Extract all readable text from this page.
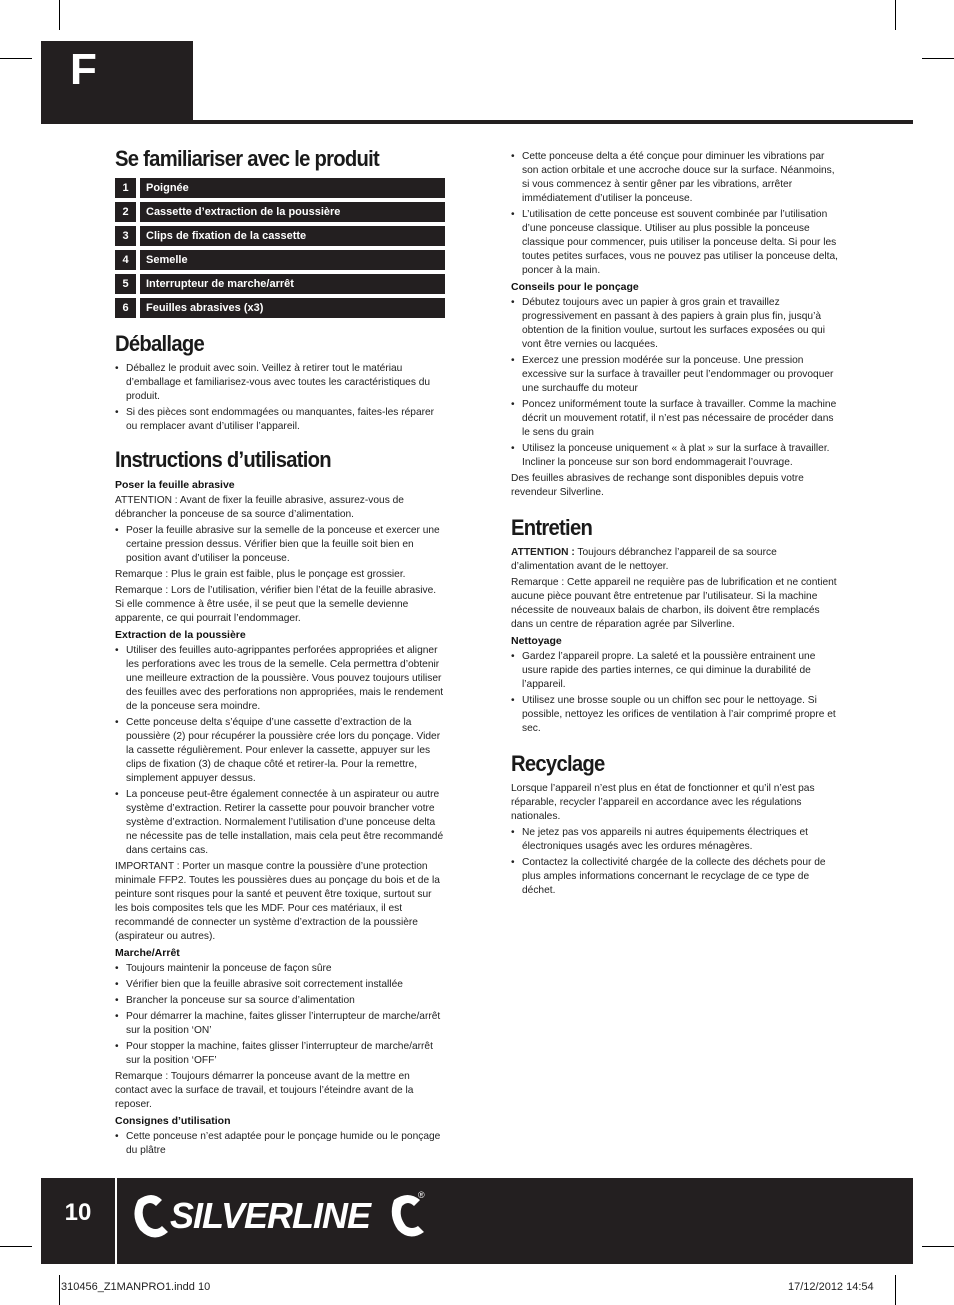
F
Se familiariser avec le produit
1	Poignée
2	Cassette d’extraction de la poussière
3	Clips de fixation de la cassette
4	Semelle
5	Interrupteur de marche/arrêt
6	Feuilles abrasives (x3)
Déballage
• Déballez le produit avec soin. Veillez à retirer tout le matériau d’emballage et familiarisez-vous avec toutes les caractéristiques du produit.
• Si des pièces sont endommagées ou manquantes, faites-les réparer ou remplacer avant d’utiliser l’appareil.
Instructions d’utilisation
Poser la feuille abrasive

ATTENTION : Avant de fixer la feuille abrasive, assurez-vous de débrancher la ponceuse de sa source d’alimentation.

• Poser la feuille abrasive sur la semelle de la ponceuse et exercer une certaine pression dessus. Vérifier bien que la feuille soit bien en position avant d’utiliser la ponceuse.

Remarque : Plus le grain est faible, plus le ponçage est grossier.

Remarque : Lors de l’utilisation, vérifier bien l’état de la feuille abrasive. Si elle commence à être usée, il se peut que la semelle devienne apparente, ce qui pourrait l’endommager.

Extraction de la poussière
• Utiliser des feuilles auto-agrippantes perforées appropriées et aligner les perforations avec les trous de la semelle. Cela permettra d’obtenir une meilleure extraction de la poussière. Vous pouvez toujours utiliser des feuilles avec des perforations non appropriées, mais le rendement de la ponceuse sera moindre.
• Cette ponceuse delta s’équipe d’une cassette d’extraction de la poussière (2) pour récupérer la poussière crée lors du ponçage. Vider la cassette régulièrement. Pour enlever la cassette, appuyer sur les clips de fixation (3) de chaque côté et retirer-la. Pour la remettre, simplement appuyer dessus.
• La ponceuse peut-être également connectée à un aspirateur ou autre système d’extraction. Retirer la cassette pour pouvoir brancher votre système d’extraction. Normalement l’utilisation d’une ponceuse delta ne nécessite pas de telle installation, mais cela peut être recommandé dans certains cas.

IMPORTANT : Porter un masque contre la poussière d’une protection minimale FFP2. Toutes les poussières dues au ponçage du bois et de la peinture sont risques pour la santé et peuvent être toxique, surtout sur les bois composites tels que les MDF. Pour ces matériaux, il est recommandé de connecter un système d’extraction de la poussière (aspirateur ou autres).

Marche/Arrêt
• Toujours maintenir la ponceuse de façon sûre
• Vérifier bien que la feuille abrasive soit correctement installée
• Brancher la ponceuse sur sa source d’alimentation
• Pour démarrer la machine, faites glisser l’interrupteur de marche/arrêt sur la position ‘ON’
• Pour stopper la machine, faites glisser l’interrupteur de marche/arrêt sur la position ‘OFF’

Remarque : Toujours démarrer la ponceuse avant de la mettre en contact avec la surface de travail, et toujours l’éteindre avant de la reposer.

Consignes d’utilisation
• Cette ponceuse n’est adaptée pour le ponçage humide ou le ponçage du plâtre
• Cette ponceuse delta a été conçue pour diminuer les vibrations par son action orbitale et une accroche douce sur la surface. Néanmoins, si vous commencez à sentir gêner par les vibrations, arrêter immédiatement d’utiliser la ponceuse.
• L’utilisation de cette ponceuse est souvent combinée par l’utilisation d’une ponceuse classique. Utiliser au plus possible la ponceuse classique pour commencer, puis utiliser la ponceuse delta. Si pour les toutes petites surfaces, vous ne pouvez pas utiliser la ponceuse delta, poncer à la main.
Conseils pour le ponçage
• Débutez toujours avec un papier à gros grain et travaillez progressivement en passant à des papiers à grain plus fin, jusqu’à obtention de la finition voulue, surtout les surfaces exposées ou qui vont être vernies ou lacquées.
• Exercez une pression modérée sur la ponceuse. Une pression excessive sur la surface à travailler peut l’endommager ou provoquer une surchauffe du moteur
• Poncez uniformément toute la surface à travailler. Comme la machine décrit un mouvement rotatif, il n’est pas nécessaire de procéder dans le sens du grain
• Utilisez la ponceuse uniquement « à plat » sur la surface à travailler. Incliner la ponceuse sur son bord endommagerait l’ouvrage.

Des feuilles abrasives de rechange sont disponibles depuis votre revendeur Silverline.

Entretien

ATTENTION : Toujours débranchez l’appareil de sa source d’alimentation avant de le nettoyer.

Remarque : Cette appareil ne requière pas de lubrification et ne contient aucune pièce pouvant être entretenue par l’utilisateur. Si la machine nécessite de nouveaux balais de charbon, ils doivent être remplacés dans un centre de réparation agrée par Silverline.

Nettoyage
• Gardez l’appareil propre. La saleté et la poussière entrainent une usure rapide des parties internes, ce qui diminue la durabilité de l’appareil.
• Utilisez une brosse souple ou un chiffon sec pour le nettoyage. Si possible, nettoyez les orifices de ventilation à l’air comprimé propre et sec.
Recyclage

Lorsque l’appareil n’est plus en état de fonctionner et qu’il n’est pas réparable, recycler l’appareil en accordance avec les régulations nationales.

• Ne jetez pas vos appareils ni autres équipements électriques et électroniques usagés avec les ordures ménagères.
• Contactez la collectivité chargée de la collecte des déchets pour de plus amples informations concernant le recyclage de ce type de déchet.
10	SILVERLINE	®
310456_Z1MANPRO1.indd 10	17/12/2012 14:54
